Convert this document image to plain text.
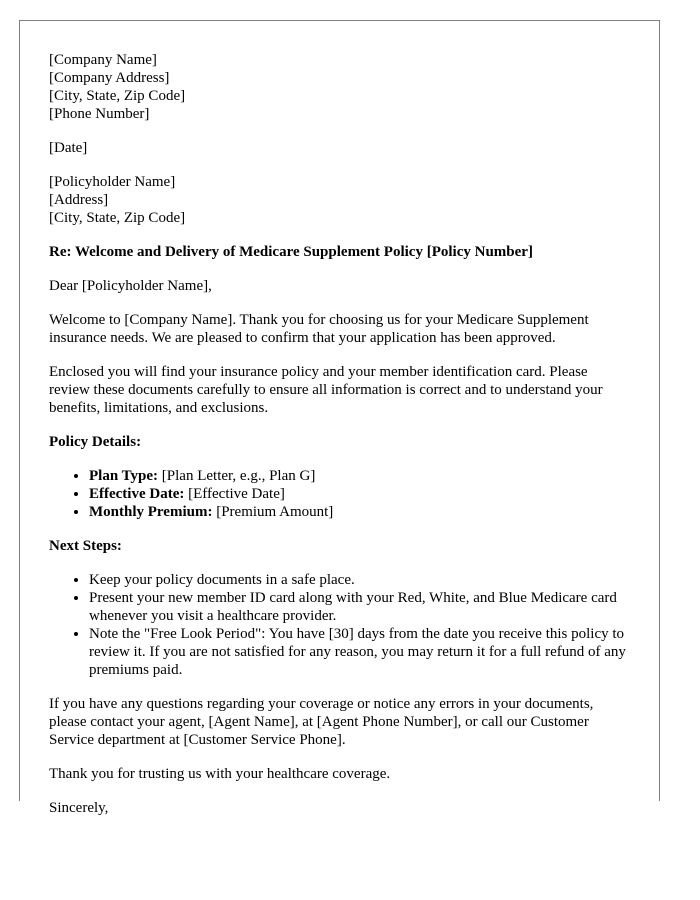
[Company Name]
[Company Address]
[City, State, Zip Code]
[Phone Number]

[Date]

[Policyholder Name]
[Address]
[City, State, Zip Code]

Re: Welcome and Delivery of Medicare Supplement Policy [Policy Number]

Dear [Policyholder Name],

Welcome to [Company Name]. Thank you for choosing us for your Medicare Supplement insurance needs. We are pleased to confirm that your application has been approved.

Enclosed you will find your insurance policy and your member identification card. Please review these documents carefully to ensure all information is correct and to understand your benefits, limitations, and exclusions.

Policy Details:

• Plan Type: [Plan Letter, e.g., Plan G]
• Effective Date: [Effective Date]
• Monthly Premium: [Premium Amount]

Next Steps:

• Keep your policy documents in a safe place.
• Present your new member ID card along with your Red, White, and Blue Medicare card whenever you visit a healthcare provider.
• Note the "Free Look Period": You have [30] days from the date you receive this policy to review it. If you are not satisfied for any reason, you may return it for a full refund of any premiums paid.

If you have any questions regarding your coverage or notice any errors in your documents, please contact your agent, [Agent Name], at [Agent Phone Number], or call our Customer Service department at [Customer Service Phone].

Thank you for trusting us with your healthcare coverage.

Sincerely,
